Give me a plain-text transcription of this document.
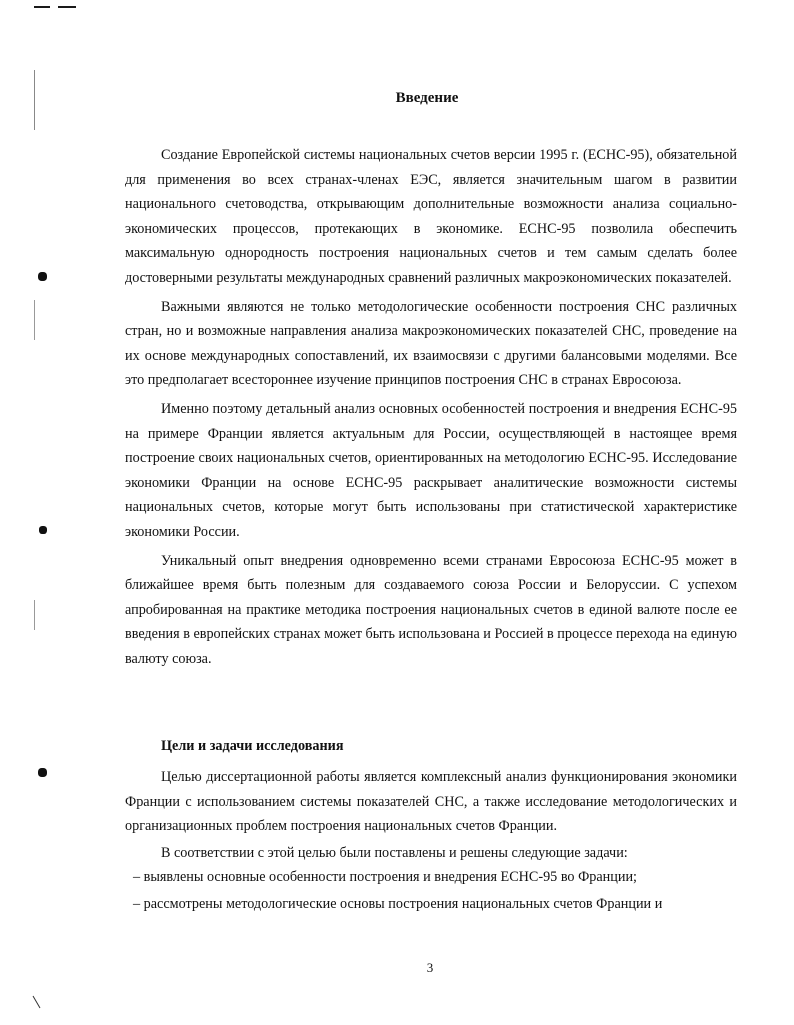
Введение

Создание Европейской системы национальных счетов версии 1995 г. (ЕСНС-95), обязательной для применения во всех странах-членах ЕЭС, является значительным шагом в развитии национального счетоводства, открывающим дополнительные возможности анализа социально-экономических процессов, протекающих в экономике. ЕСНС-95 позволила обеспечить максимальную однородность построения национальных счетов и тем самым сделать более достоверными результаты международных сравнений различных макроэкономических показателей.

Важными являются не только методологические особенности построения СНС различных стран, но и возможные направления анализа макроэкономических показателей СНС, проведение на их основе международных сопоставлений, их взаимосвязи с другими балансовыми моделями. Все это предполагает всестороннее изучение принципов построения СНС в странах Евросоюза.

Именно поэтому детальный анализ основных особенностей построения и внедрения ЕСНС-95 на примере Франции является актуальным для России, осуществляющей в настоящее время построение своих национальных счетов, ориентированных на методологию ЕСНС-95. Исследование экономики Франции на основе ЕСНС-95 раскрывает аналитические возможности системы национальных счетов, которые могут быть использованы при статистической характеристике экономики России.

Уникальный опыт внедрения одновременно всеми странами Евросоюза ЕСНС-95 может в ближайшее время быть полезным для создаваемого союза России и Белоруссии. С успехом апробированная на практике методика построения национальных счетов в единой валюте после ее введения в европейских странах может быть использована и Россией в процессе перехода на единую валюту союза.

Цели и задачи исследования

Целью диссертационной работы является комплексный анализ функционирования экономики Франции с использованием системы показателей СНС, а также исследование методологических и организационных проблем построения национальных счетов Франции.

В соответствии с этой целью были поставлены и решены следующие задачи:

– выявлены основные особенности построения и внедрения ЕСНС-95 во Франции;
– рассмотрены методологические основы построения национальных счетов Франции и
3
